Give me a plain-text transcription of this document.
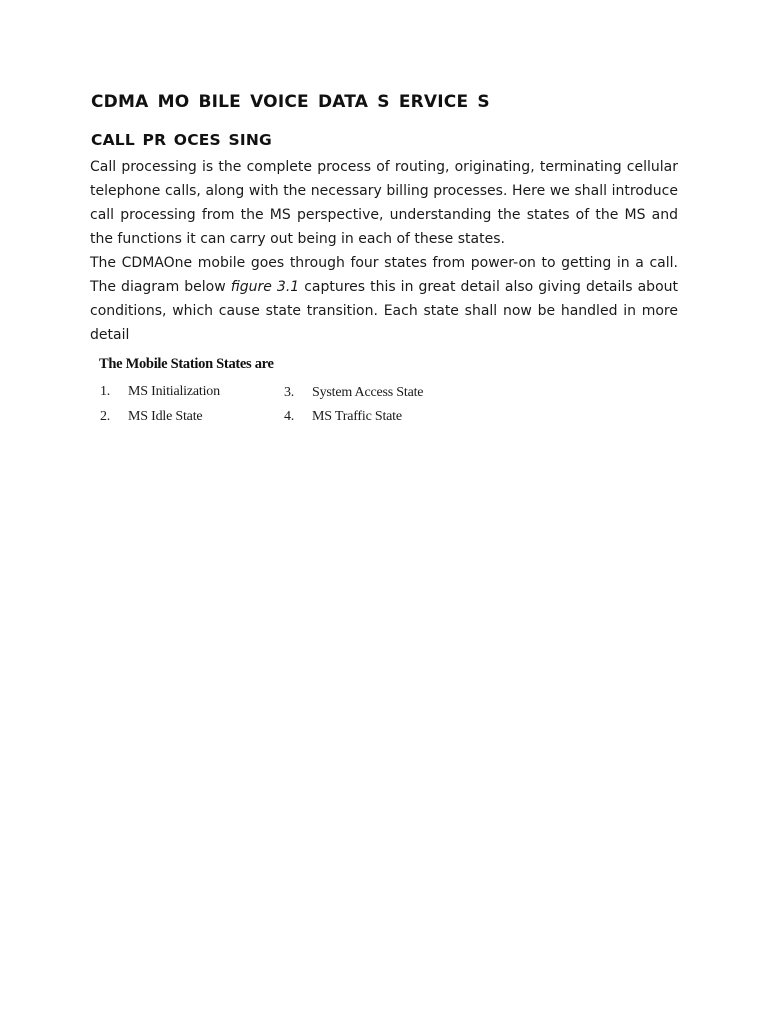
CDMA MO BILE VOICE DATA S ERVICE S
CALL PR OCES SING

Call processing is the complete process of routing, originating, terminating cellular telephone calls, along with the necessary billing processes. Here we shall introduce call processing from the MS perspective, understanding the states of the MS and the functions it can carry out being in each of these states.

The CDMAOne mobile goes through four states from power-on to getting in a call. The diagram below figure 3.1 captures this in great detail also giving details about conditions, which cause state transition. Each state shall now be handled in more detail

The Mobile Station States are
1. MS Initialization
2. MS Idle State
3. System Access State
4. MS Traffic State
